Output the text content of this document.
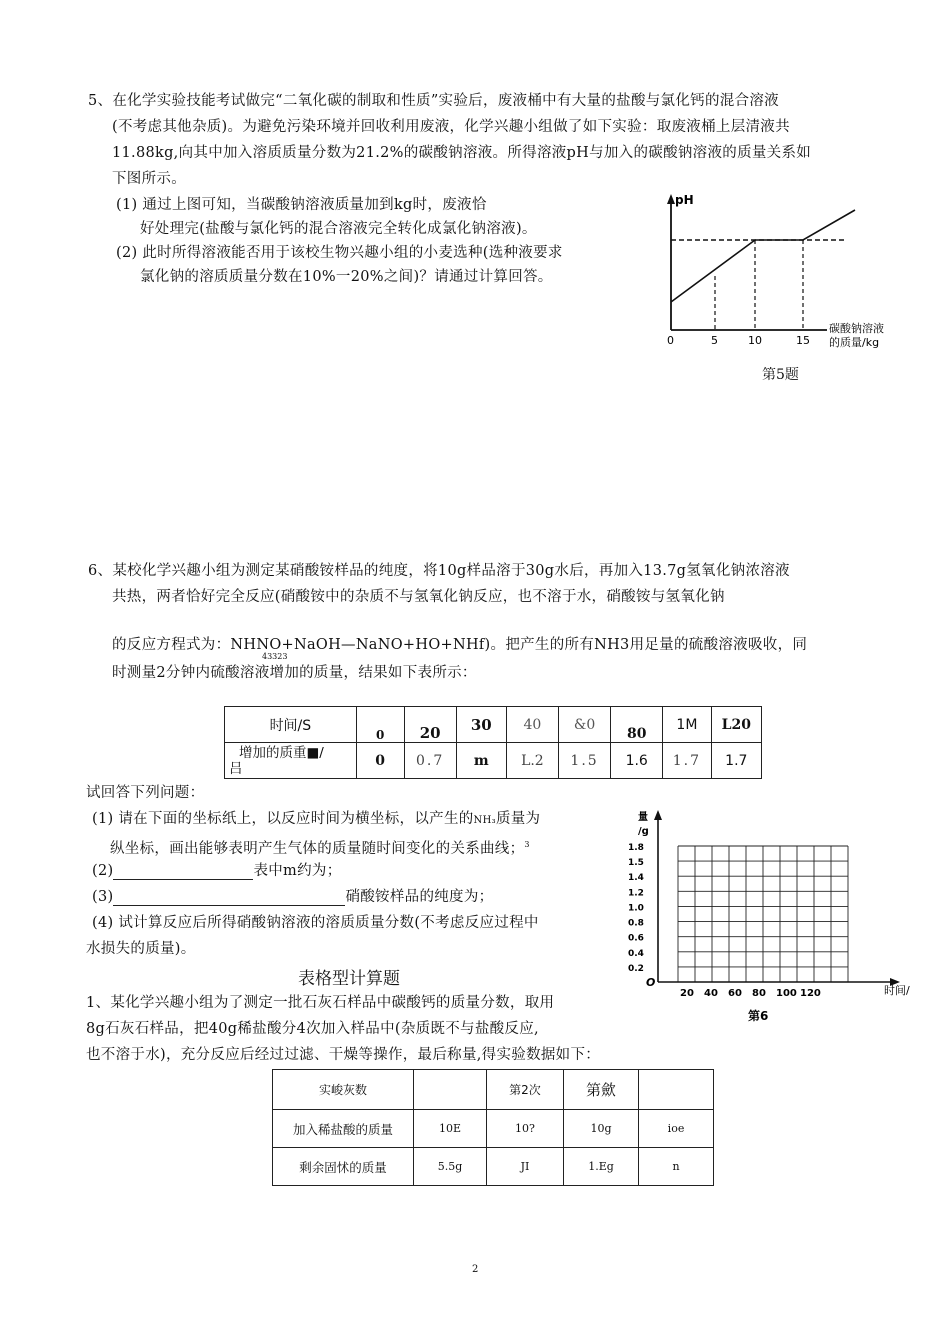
5、在化学实验技能考试做完“二氧化碳的制取和性质”实验后，废液桶中有大量的盐酸与氯化钙的混合溶液
(不考虑其他杂质)。为避免污染环境并回收利用废液，化学兴趣小组做了如下实验：取废液桶上层清液共
11.88kg,向其中加入溶质质量分数为21.2%的碳酸钠溶液。所得溶液pH与加入的碳酸钠溶液的质量关系如
下图所示。
(1) 通过上图可知，当碳酸钠溶液质量加到kg时，废液恰
好处理完(盐酸与氯化钙的混合溶液完全转化成氯化钠溶液)。
(2) 此时所得溶液能否用于该校生物兴趣小组的小麦选种(选种液要求
氯化钠的溶质质量分数在10%一20%之间)？请通过计算回答。
pH
0	5	10	15
碳酸钠溶液
的质量/kg
第5题
6、某校化学兴趣小组为测定某硝酸铵样品的纯度，将10g样品溶于30g水后，再加入13.7g氢氧化钠浓溶液
共热，两者恰好完全反应(硝酸铵中的杂质不与氢氧化钠反应，也不溶于水，硝酸铵与氢氧化钠
的反应方程式为：NHNO+NaOH—NaNO+HO+NHf)。把产生的所有NH3用足量的硫酸溶液吸收，同
43323
时测量2分钟内硫酸溶液增加的质量，结果如下表所示：
时间/S	0	20	30	40	&0	80	1M	L20

增加的质重■/
吕	0	0.7	m	L.2	1.5	1.6	1.7	1.7
试回答下列问题：
(1) 请在下面的坐标纸上，以反应时间为横坐标，以产生的NH₃质量为
纵坐标，画出能够表明产生气体的质量随时间变化的关系曲线；$^3$
(2)	表中m约为；
(3)	硝酸铵样品的纯度为；
(4) 试计算反应后所得硝酸钠溶液的溶质质量分数(不考虑反应过程中
水损失的质量)。
量
/g
1.8
1.5
1.4
1.2
1.0
0.8
0.6
0.4
0.2
20 40 60 80 100 120
O
时间/
第6
表格型计算题
1、某化学兴趣小组为了测定一批石灰石样品中碳酸钙的质量分数，取用
8g石灰石样品，把40g稀盐酸分4次加入样品中(杂质既不与盐酸反应,
也不溶于水)，充分反应后经过过滤、干燥等操作，最后称量,得实验数据如下：
实峻灰数		第2次	第歛	
加入稀盐酸的质量	10E	10?	10g	ioe
剩余固怵的质量	5.5g	JI	1.Eg	n
2
